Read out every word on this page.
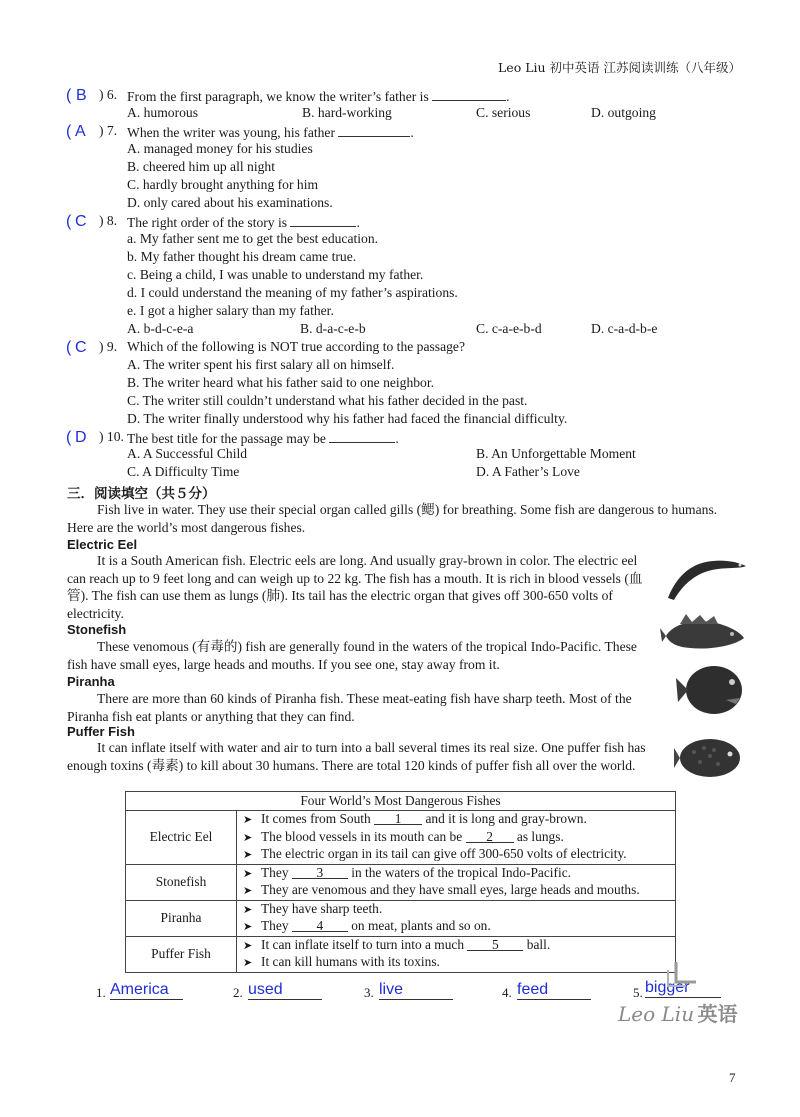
Leo Liu 初中英语 江苏阅读训练（八年级）
( B ) 6. From the first paragraph, we know the writer’s father is	.
A. humorous	B. hard-working	C. serious	D. outgoing
( A ) 7. When the writer was young, his father	.
A. managed money for his studies
B. cheered him up all night
C. hardly brought anything for him
D. only cared about his examinations.
( C ) 8. The right order of the story is	.
a. My father sent me to get the best education.
b. My father thought his dream came true.
c. Being a child, I was unable to understand my father.
d. I could understand the meaning of my father’s aspirations.
e. I got a higher salary than my father.
A. b-d-c-e-a	B. d-a-c-e-b	C. c-a-e-b-d	D. c-a-d-b-e
( C ) 9. Which of the following is NOT true according to the passage?
A. The writer spent his first salary all on himself.
B. The writer heard what his father said to one neighbor.
C. The writer still couldn’t understand what his father decided in the past.
D. The writer finally understood why his father had faced the financial difficulty.
( D ) 10. The best title for the passage may be	.
A. A Successful Child	B. An Unforgettable Moment
C. A Difficulty Time	D. A Father’s Love
三．阅读填空（共５分）
Fish live in water. They use their special organ called gills (鳃) for breathing. Some fish are dangerous to humans. Here are the world’s most dangerous fishes.
Electric Eel
It is a South American fish. Electric eels are long. And usually gray-brown in color. The electric eel can reach up to 9 feet long and can weigh up to 22 kg. The fish has a mouth. It is rich in blood vessels (血管). The fish can use them as lungs (肺). Its tail has the electric organ that gives off 300-650 volts of electricity.
Stonefish
These venomous (有毒的) fish are generally found in the waters of the tropical Indo-Pacific. These fish have small eyes, large heads and mouths. If you see one, stay away from it.
Piranha
There are more than 60 kinds of Piranha fish. These meat-eating fish have sharp teeth. Most of the Piranha fish eat plants or anything that they can find.
Puffer Fish
It can inflate itself with water and air to turn into a ball several times its real size. One puffer fish has enough toxins (毒素) to kill about 30 humans. There are total 120 kinds of puffer fish all over the world.
Four World’s Most Dangerous Fishes	
Electric Eel	➤ It comes from South 1 and it is long and gray-brown.
➤ The blood vessels in its mouth can be 2 as lungs.
➤ The electric organ in its tail can give off 300-650 volts of electricity.

Stonefish	➤ They 3 in the waters of the tropical Indo-Pacific.
➤ They are venomous and they have small eyes, large heads and mouths.

Piranha	➤ They have sharp teeth.
➤ They 4 on meat, plants and so on.

Puffer Fish	➤ It can inflate itself to turn into a much 5 ball.
➤ It can kill humans with its toxins.
1. America	2. used	3. live	4. feed	5. bigger
Leo Liu 英语
7
